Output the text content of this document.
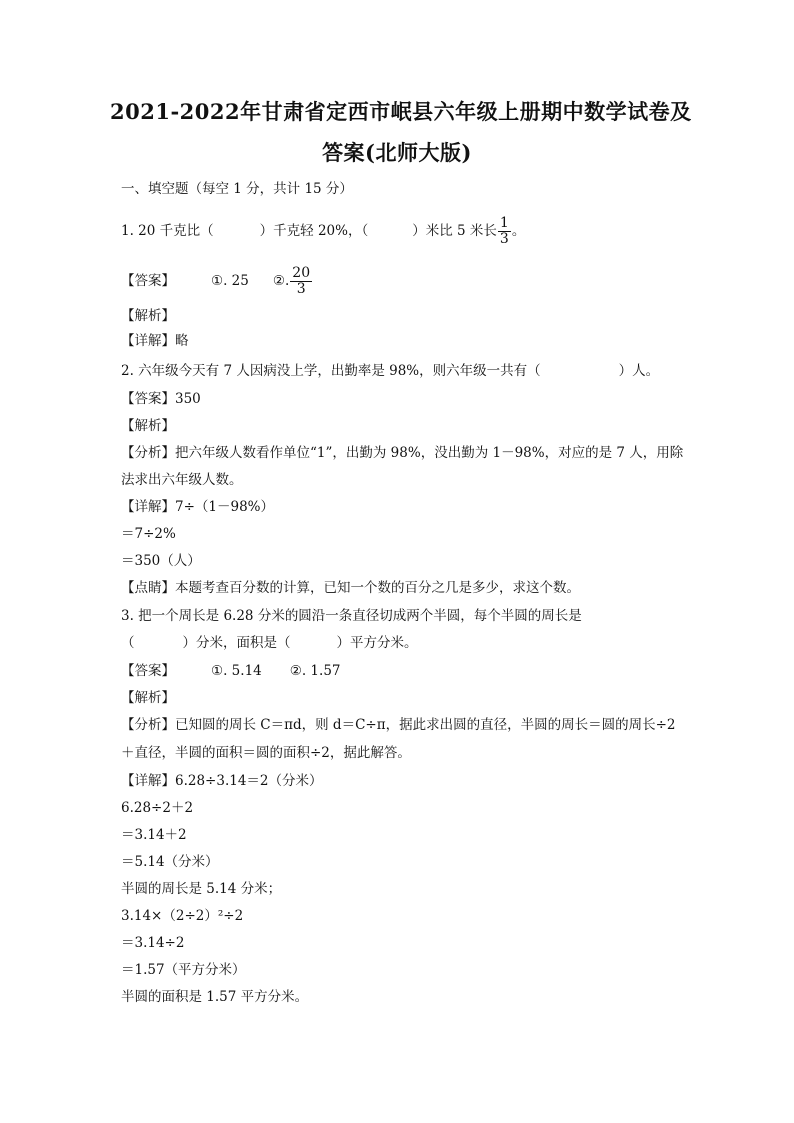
2021-2022年甘肃省定西市岷县六年级上册期中数学试卷及
答案(北师大版)
一、填空题（每空 1 分，共计 15 分）
1. 20 千克比（	）千克轻 20%，（	）米比 5 米长 $\frac{1}{3}$ 。
【答案】	①. 25 ②. $\frac{20}{3}$
【解析】
【详解】略
2. 六年级今天有 7 人因病没上学，出勤率是 98%，则六年级一共有（	）人。
【答案】350
【解析】
【分析】把六年级人数看作单位“1”，出勤为 98%，没出勤为 1－98%，对应的是 7 人，用除
法求出六年级人数。
【详解】7÷（1－98%）
＝7÷2%
＝350（人）
【点睛】本题考查百分数的计算，已知一个数的百分之几是多少，求这个数。
3. 把一个周长是 6.28 分米的圆沿一条直径切成两个半圆，每个半圆的周长是
（	）分米，面积是（	）平方分米。
【答案】	①. 5.14 ②. 1.57
【解析】
【分析】已知圆的周长 C＝πd，则 d＝C÷π，据此求出圆的直径，半圆的周长＝圆的周长÷2
＋直径，半圆的面积＝圆的面积÷2，据此解答。
【详解】6.28÷3.14＝2（分米）
6.28÷2＋2
＝3.14＋2
＝5.14（分米）
半圆的周长是 5.14 分米；
3.14×（2÷2）²÷2
＝3.14÷2
＝1.57（平方分米）
半圆的面积是 1.57 平方分米。
